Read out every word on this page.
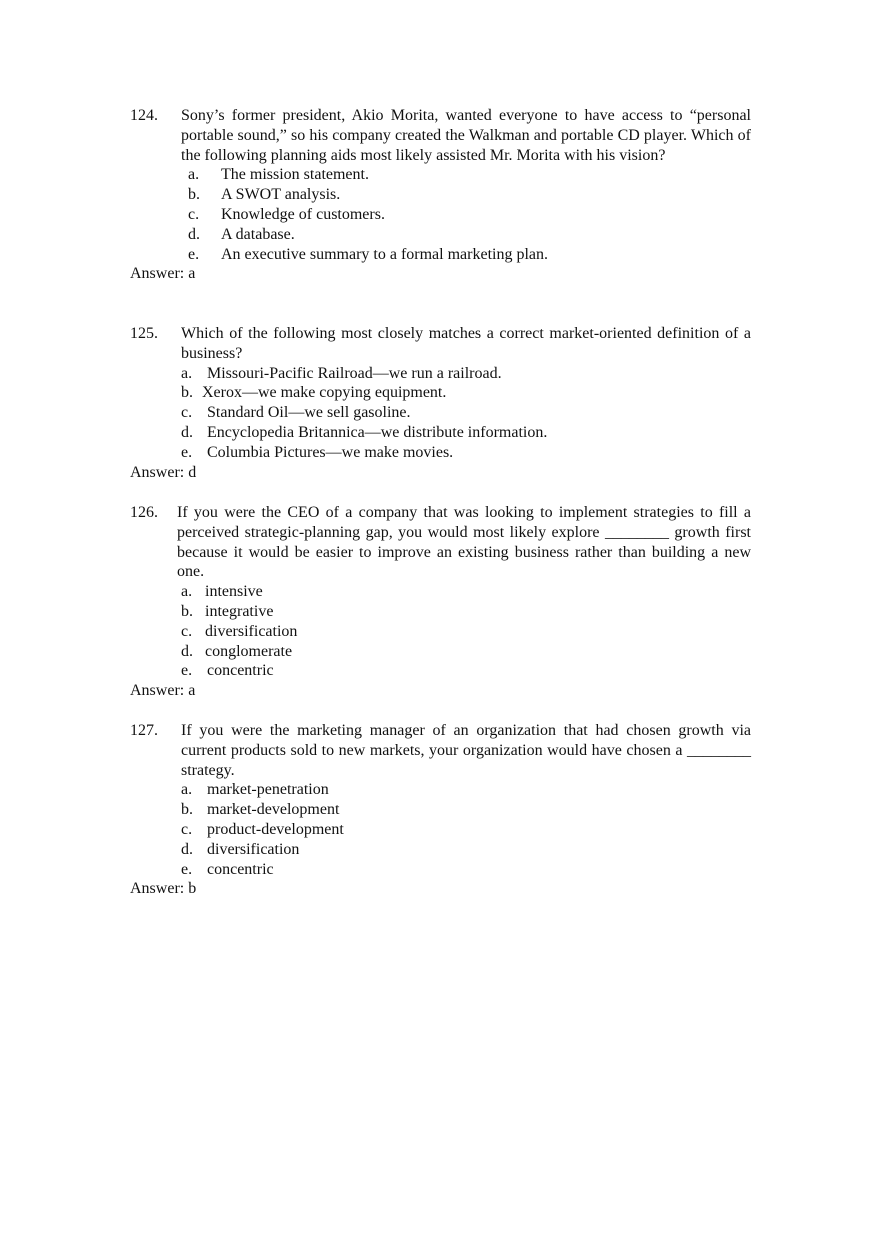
124.	Sony’s former president, Akio Morita, wanted everyone to have access to “personal portable sound,” so his company created the Walkman and portable CD player. Which of the following planning aids most likely assisted Mr. Morita with his vision?
a.	The mission statement.
b.	A SWOT analysis.
c.	Knowledge of customers.
d.	A database.
e.	An executive summary to a formal marketing plan.
Answer: a
125.	Which of the following most closely matches a correct market-oriented definition of a business?
a. Missouri-Pacific Railroad—we run a railroad.
b. Xerox—we make copying equipment.
c. Standard Oil—we sell gasoline.
d. Encyclopedia Britannica—we distribute information.
e. Columbia Pictures—we make movies.
Answer: d
126.	If you were the CEO of a company that was looking to implement strategies to fill a perceived strategic-planning gap, you would most likely explore ________ growth first because it would be easier to improve an existing business rather than building a new one.
a. intensive
b. integrative
c. diversification
d. conglomerate
e. concentric
Answer: a
127.	If you were the marketing manager of an organization that had chosen growth via current products sold to new markets, your organization would have chosen a ________ strategy.
a. market-penetration
b. market-development
c. product-development
d. diversification
e. concentric
Answer: b
